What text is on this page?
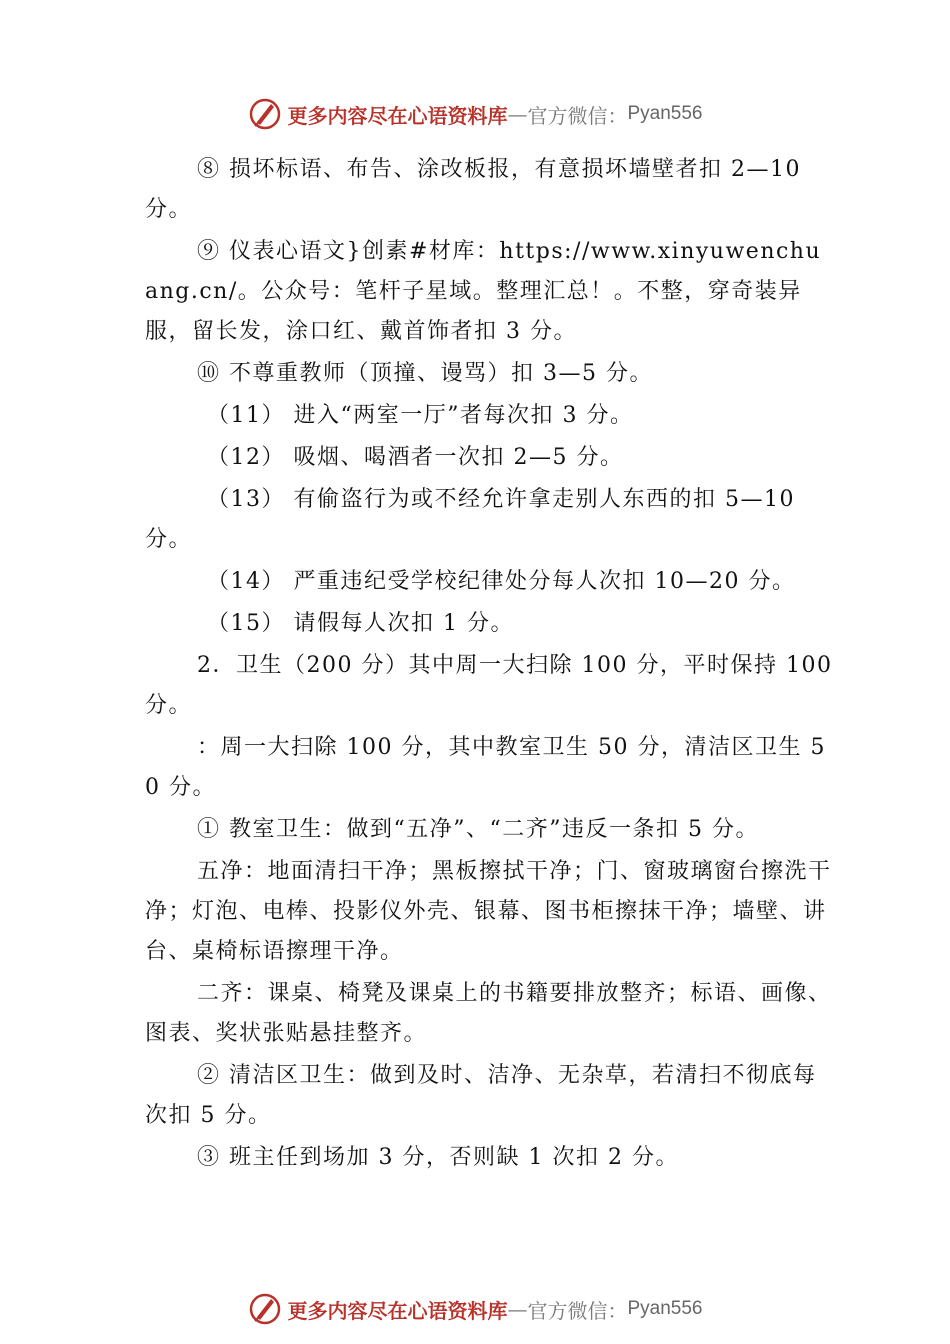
更多内容尽在心语资料库 — 官方微信： Pyan556

⑧ 损坏标语、布告、涂改板报，有意损坏墙壁者扣 2—10 分。

⑨ 仪表心语文}创素#材库：https://www.xinyuwenchuang.cn/。公众号：笔杆子星域。整理汇总！。不整，穿奇装异服，留长发，涂口红、戴首饰者扣 3 分。

⑩ 不尊重教师（顶撞、谩骂）扣 3—5 分。

（11） 进入“两室一厅”者每次扣 3 分。

（12） 吸烟、喝酒者一次扣 2—5 分。

（13） 有偷盗行为或不经允许拿走别人东西的扣 5—10 分。

（14） 严重违纪受学校纪律处分每人次扣 10—20 分。

（15） 请假每人次扣 1 分。

2．卫生（200 分）其中周一大扫除 100 分，平时保持 100 分。

：周一大扫除 100 分，其中教室卫生 50 分，清洁区卫生 50 分。

① 教室卫生：做到“五净”、“二齐”违反一条扣 5 分。

五净：地面清扫干净；黑板擦拭干净；门、窗玻璃窗台擦洗干净；灯泡、电棒、投影仪外壳、银幕、图书柜擦抹干净；墙壁、讲台、桌椅标语擦理干净。

二齐：课桌、椅凳及课桌上的书籍要排放整齐；标语、画像、图表、奖状张贴悬挂整齐。

② 清洁区卫生：做到及时、洁净、无杂草，若清扫不彻底每次扣 5 分。

③ 班主任到场加 3 分，否则缺 1 次扣 2 分。

更多内容尽在心语资料库 — 官方微信： Pyan556
